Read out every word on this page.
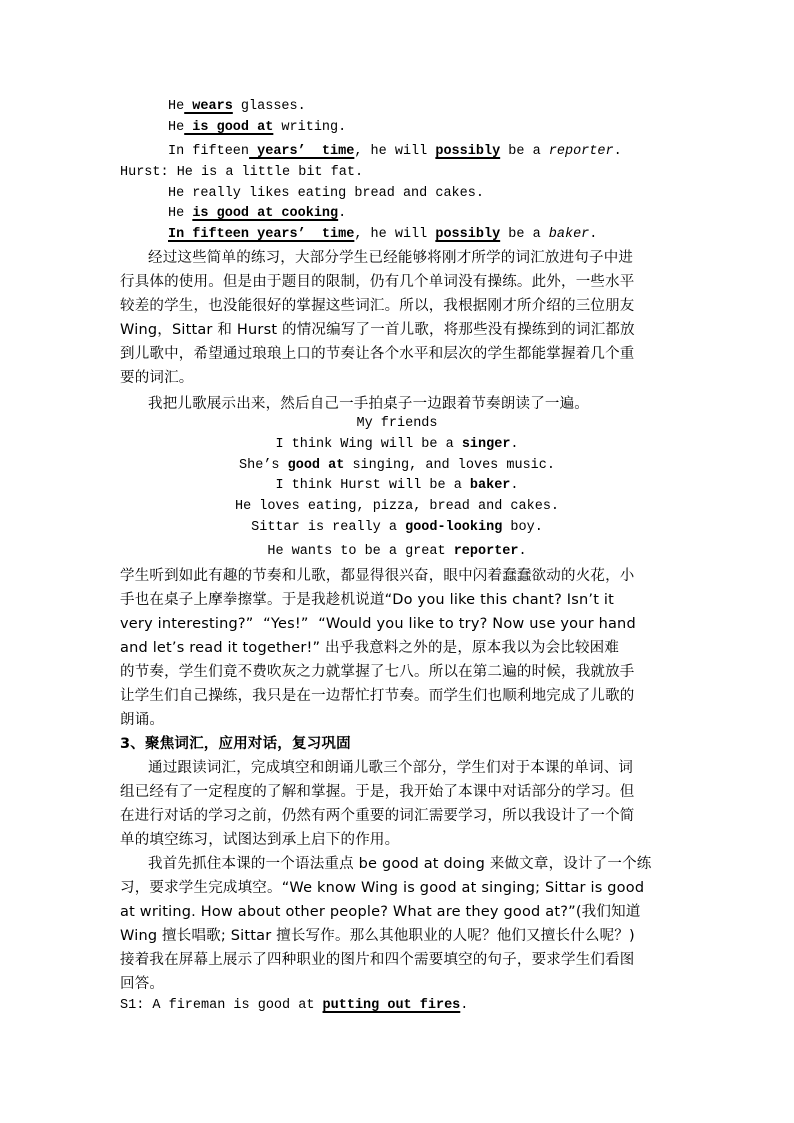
He wears glasses.
He is good at writing.
In fifteen years’  time, he will possibly be a reporter.
Hurst: He is a little bit fat.
He really likes eating bread and cakes.
He is good at cooking.
In fifteen years’  time, he will possibly be a baker.
经过这些简单的练习，大部分学生已经能够将刚才所学的词汇放进句子中进
行具体的使用。但是由于题目的限制，仍有几个单词没有操练。此外，一些水平
较差的学生，也没能很好的掌握这些词汇。所以，我根据刚才所介绍的三位朋友
Wing，Sittar 和 Hurst 的情况编写了一首儿歌，将那些没有操练到的词汇都放
到儿歌中，希望通过琅琅上口的节奏让各个水平和层次的学生都能掌握着几个重
要的词汇。
我把儿歌展示出来，然后自己一手拍桌子一边跟着节奏朗读了一遍。
My friends
I think Wing will be a singer.
She’s good at singing, and loves music.
I think Hurst will be a baker.
He loves eating, pizza, bread and cakes.
Sittar is really a good-looking boy.
He wants to be a great reporter.
学生听到如此有趣的节奏和儿歌，都显得很兴奋，眼中闪着蠢蠢欲动的火花，小
手也在桌子上摩拳擦掌。于是我趁机说道“Do you like this chant? Isn’t it
very interesting?”  “Yes!”  “Would you like to try? Now use your hand
and let’s read it together!” 出乎我意料之外的是，原本我以为会比较困难
的节奏，学生们竟不费吹灰之力就掌握了七八。所以在第二遍的时候，我就放手
让学生们自己操练，我只是在一边帮忙打节奏。而学生们也顺利地完成了儿歌的
朗诵。
3、聚焦词汇，应用对话，复习巩固
通过跟读词汇，完成填空和朗诵儿歌三个部分，学生们对于本课的单词、词
组已经有了一定程度的了解和掌握。于是，我开始了本课中对话部分的学习。但
在进行对话的学习之前，仍然有两个重要的词汇需要学习，所以我设计了一个简
单的填空练习，试图达到承上启下的作用。
我首先抓住本课的一个语法重点 be good at doing 来做文章，设计了一个练
习，要求学生完成填空。“We know Wing is good at singing; Sittar is good
at writing. How about other people? What are they good at?”(我们知道
Wing 擅长唱歌; Sittar 擅长写作。那么其他职业的人呢？他们又擅长什么呢？)
接着我在屏幕上展示了四种职业的图片和四个需要填空的句子，要求学生们看图
回答。
S1: A fireman is good at putting out fires.
